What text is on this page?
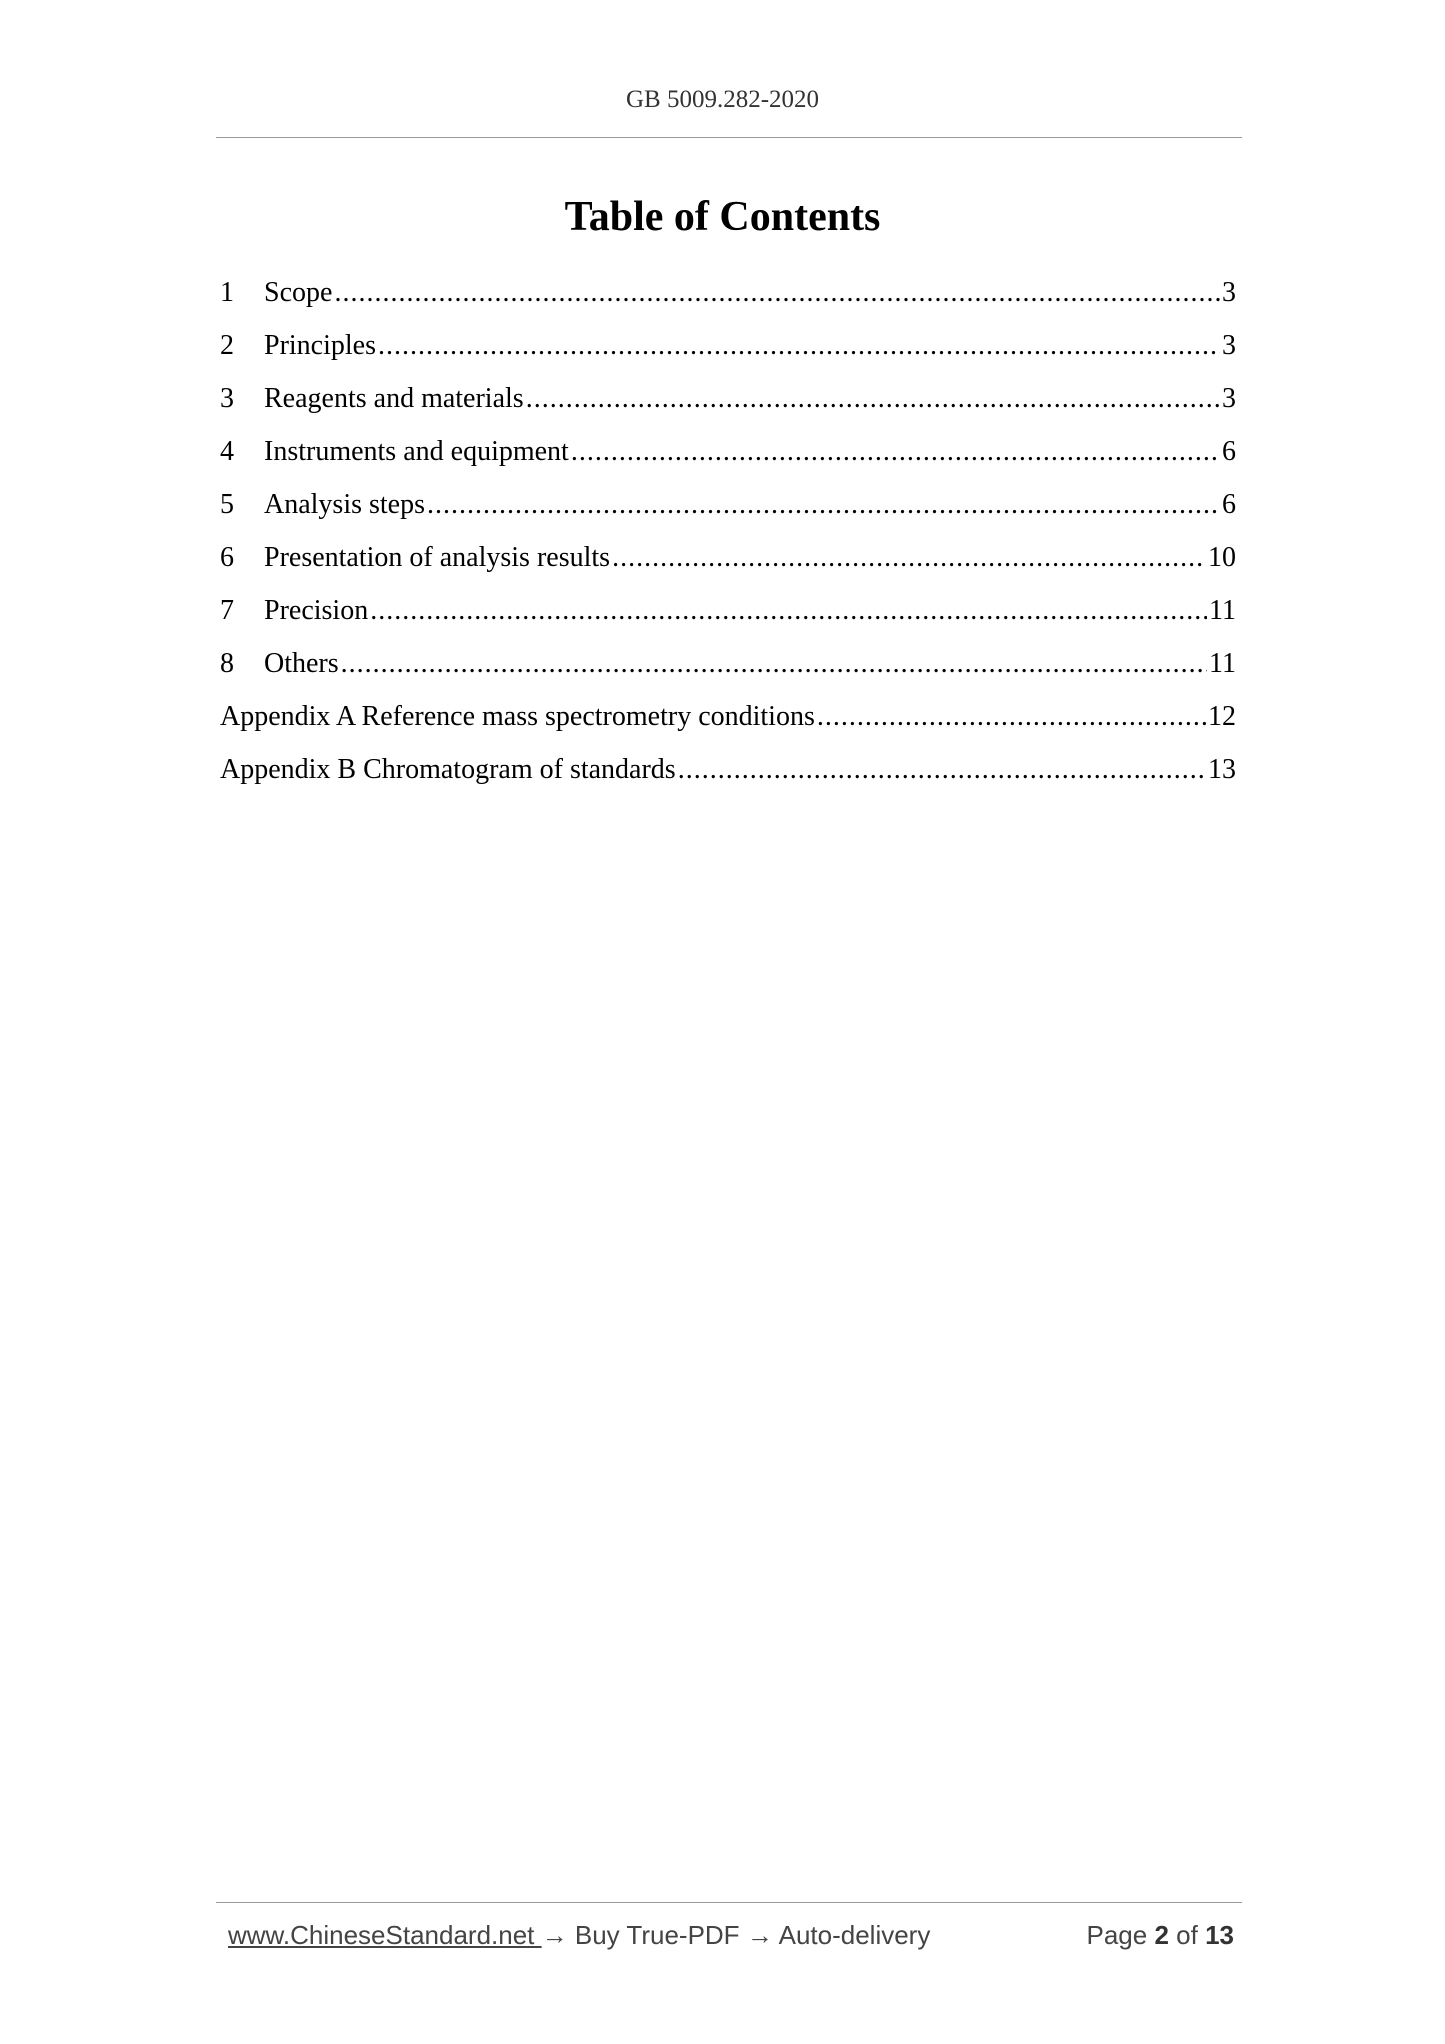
GB 5009.282-2020
Table of Contents
1	Scope .....	3
2	Principles .....	3
3	Reagents and materials .....	3
4	Instruments and equipment .....	6
5	Analysis steps .....	6
6	Presentation of analysis results .....	10
7	Precision .....	11
8	Others .....	11
Appendix A Reference mass spectrometry conditions .....	12
Appendix B Chromatogram of standards .....	13
www.ChineseStandard.net → Buy True-PDF → Auto-delivery	Page 2 of 13
